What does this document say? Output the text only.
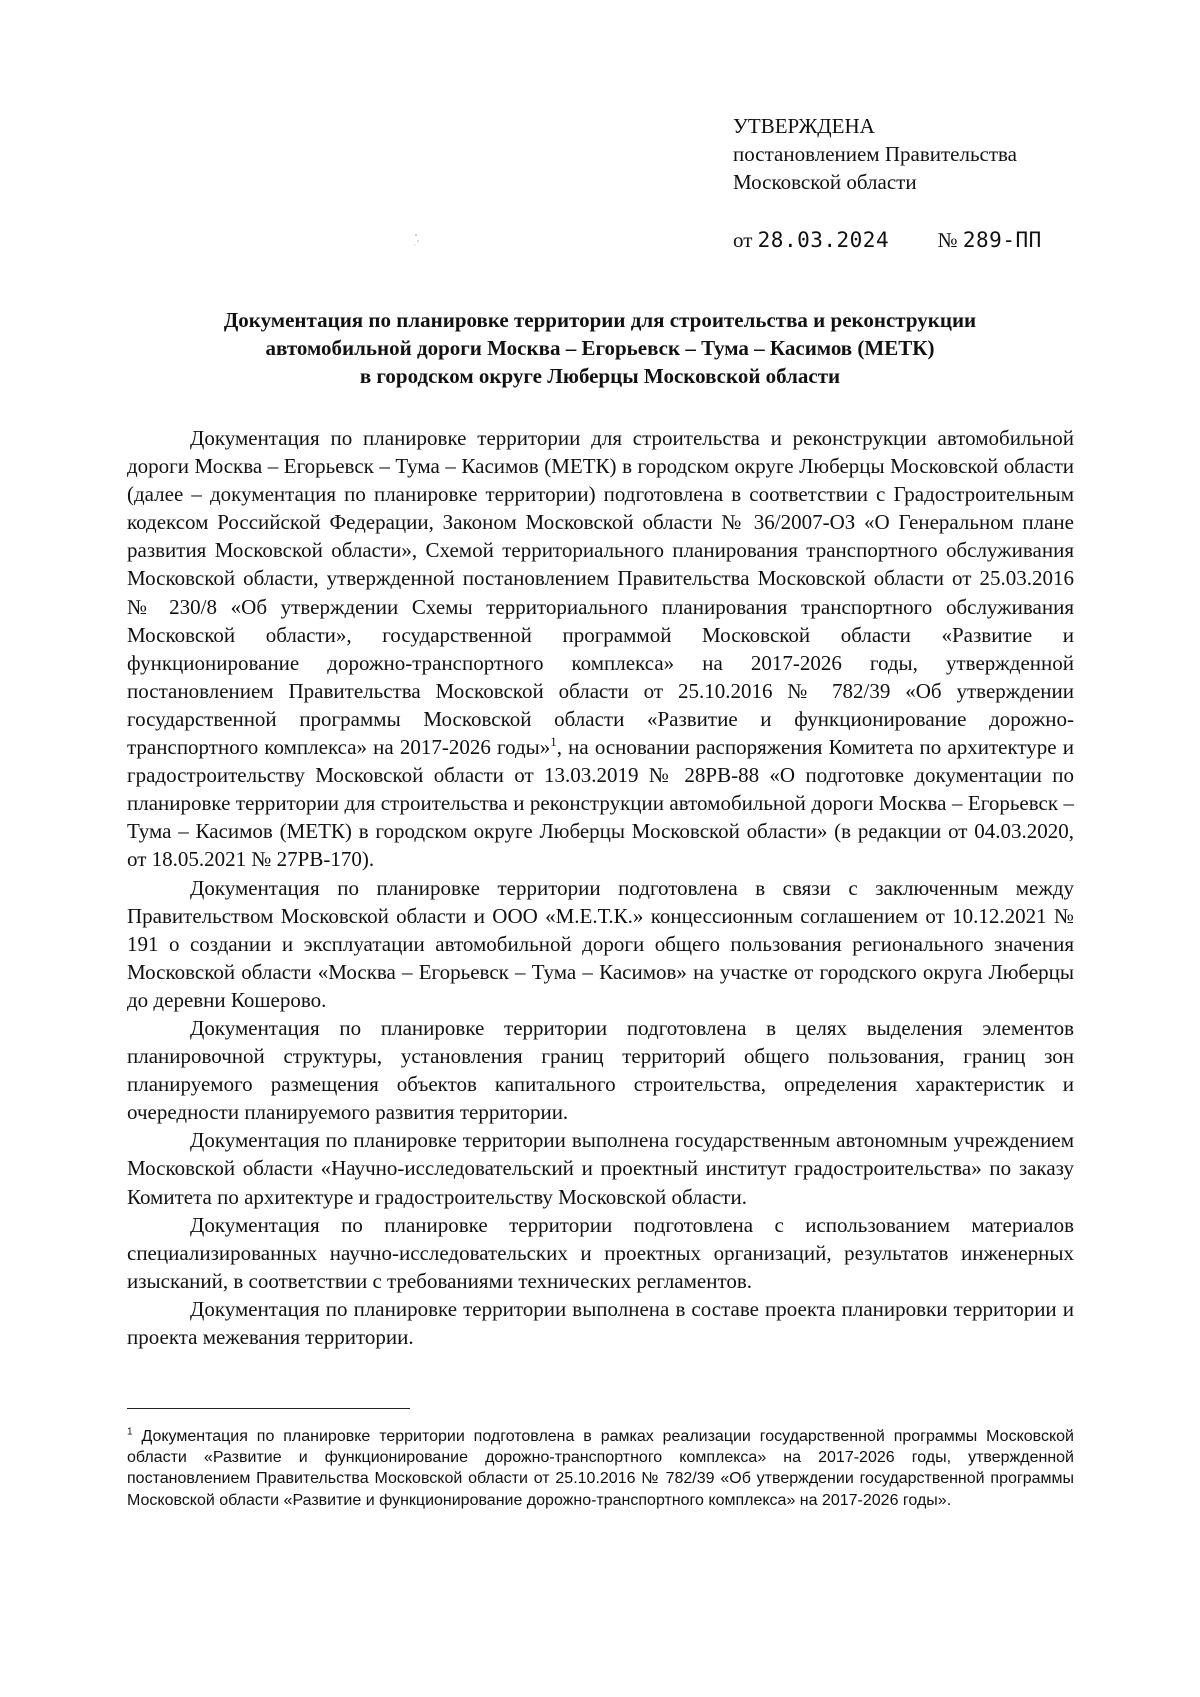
УТВЕРЖДЕНА
постановлением Правительства
Московской области
от 28.03.2024 № 289-ПП
Документация по планировке территории для строительства и реконструкции
автомобильной дороги Москва – Егорьевск – Тума – Касимов (МЕТК)
в городском округе Люберцы Московской области

Документация по планировке территории для строительства и реконструкции автомобильной дороги Москва – Егорьевск – Тума – Касимов (МЕТК) в городском округе Люберцы Московской области (далее – документация по планировке территории) подготовлена в соответствии с Градостроительным кодексом Российской Федерации, Законом Московской области № 36/2007-ОЗ «О Генеральном плане развития Московской области», Схемой территориального планирования транспортного обслуживания Московской области, утвержденной постановлением Правительства Московской области от 25.03.2016 № 230/8 «Об утверждении Схемы территориального планирования транспортного обслуживания Московской области», государственной программой Московской области «Развитие и функционирование дорожно-транспортного комплекса» на 2017-2026 годы, утвержденной постановлением Правительства Московской области от 25.10.2016 № 782/39 «Об утверждении государственной программы Московской области «Развитие и функционирование дорожно-транспортного комплекса» на 2017-2026 годы»$^1$, на основании распоряжения Комитета по архитектуре и градостроительству Московской области от 13.03.2019 № 28РВ-88 «О подготовке документации по планировке территории для строительства и реконструкции автомобильной дороги Москва – Егорьевск – Тума – Касимов (МЕТК) в городском округе Люберцы Московской области» (в редакции от 04.03.2020, от 18.05.2021 № 27РВ-170).

Документация по планировке территории подготовлена в связи с заключенным между Правительством Московской области и ООО «М.Е.Т.К.» концессионным соглашением от 10.12.2021 № 191 о создании и эксплуатации автомобильной дороги общего пользования регионального значения Московской области «Москва – Егорьевск – Тума – Касимов» на участке от городского округа Люберцы до деревни Кошерово.

Документация по планировке территории подготовлена в целях выделения элементов планировочной структуры, установления границ территорий общего пользования, границ зон планируемого размещения объектов капитального строительства, определения характеристик и очередности планируемого развития территории.

Документация по планировке территории выполнена государственным автономным учреждением Московской области «Научно-исследовательский и проектный институт градостроительства» по заказу Комитета по архитектуре и градостроительству Московской области.

Документация по планировке территории подготовлена с использованием материалов специализированных научно-исследовательских и проектных организаций, результатов инженерных изысканий, в соответствии с требованиями технических регламентов.

Документация по планировке территории выполнена в составе проекта планировки территории и проекта межевания территории.

$^1$ Документация по планировке территории подготовлена в рамках реализации государственной программы Московской области «Развитие и функционирование дорожно-транспортного комплекса» на 2017-2026 годы, утвержденной постановлением Правительства Московской области от 25.10.2016 № 782/39 «Об утверждении государственной программы Московской области «Развитие и функционирование дорожно-транспортного комплекса» на 2017-2026 годы».
